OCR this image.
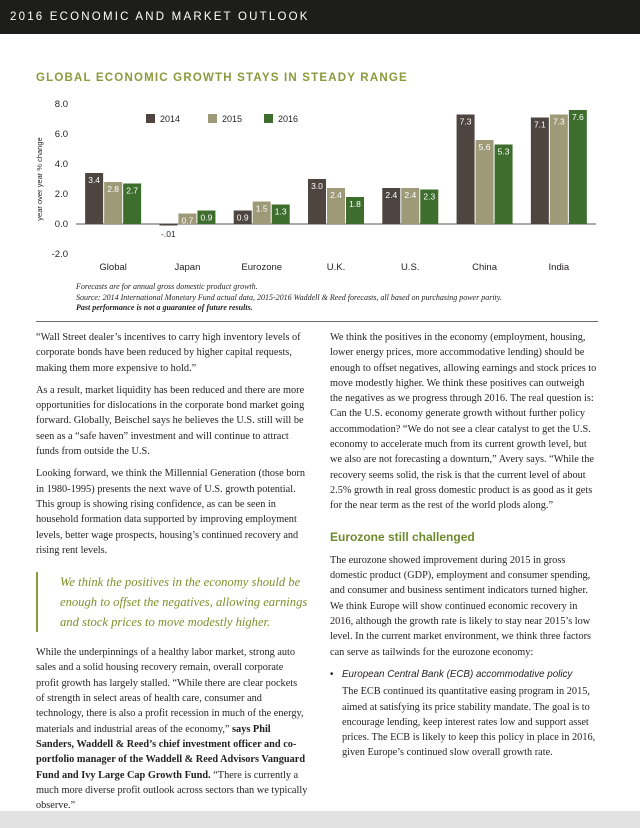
2016 ECONOMIC AND MARKET OUTLOOK
GLOBAL ECONOMIC GROWTH STAYS IN STEADY RANGE
year over year % change
8.0
6.0
4.0
2.0
0.0
-2.0
3.4
2.8 2.7
Global
-.01
0.7 0.9
Japan
0.9
1.5 1.3
Eurozone
3.0
2.4
1.8
U.K.
2.4 2.4 2.3
U.S.
7.3
5.6 5.3
China
7.1 7.3 7.6
India
2014	2015	2016
Forecasts are for annual gross domestic product growth.
Source: 2014 International Monetary Fund actual data, 2015-2016 Waddell & Reed forecasts, all based on purchasing power parity.
Past performance is not a guarantee of future results.

“Wall Street dealer’s incentives to carry high inventory levels of corporate bonds have been reduced by higher capital requests, making them more expensive to hold.”

As a result, market liquidity has been reduced and there are more opportunities for dislocations in the corporate bond market going forward. Globally, Beischel says he believes the U.S. still will be seen as a “safe haven” investment and will continue to attract funds from outside the U.S.

Looking forward, we think the Millennial Generation (those born in 1980-1995) presents the next wave of U.S. growth potential. This group is showing rising confidence, as can be seen in household formation data supported by improving employment levels, better wage prospects, housing’s continued recovery and rising rent levels.

We think the positives in the economy should be enough to offset the negatives, allowing earnings and stock prices to move modestly higher.

While the underpinnings of a healthy labor market, strong auto sales and a solid housing recovery remain, overall corporate profit growth has largely stalled. “While there are clear pockets of strength in select areas of health care, consumer and technology, there is also a profit recession in much of the energy, materials and industrial areas of the economy,” says Phil Sanders, Waddell & Reed’s chief investment officer and co-portfolio manager of the Waddell & Reed Advisors Vanguard Fund and Ivy Large Cap Growth Fund. “There is currently a much more diverse profit outlook across sectors than we typically observe.”

We think the positives in the economy (employment, housing, lower energy prices, more accommodative lending) should be enough to offset negatives, allowing earnings and stock prices to move modestly higher. We think these positives can outweigh the negatives as we progress through 2016. The real question is: Can the U.S. economy generate growth without further policy accommodation? “We do not see a clear catalyst to get the U.S. economy to accelerate much from its current growth level, but we also are not forecasting a downturn,” Avery says. “While the recovery seems solid, the risk is that the current level of about 2.5% growth in real gross domestic product is as good as it gets for the near term as the rest of the world plods along.”

Eurozone still challenged

The eurozone showed improvement during 2015 in gross domestic product (GDP), employment and consumer spending, and consumer and business sentiment indicators turned higher. We think Europe will show continued economic recovery in 2016, although the growth rate is likely to stay near 2015’s low level. In the current market environment, we think three factors can serve as tailwinds for the eurozone economy:

• European Central Bank (ECB) accommodative policy
The ECB continued its quantitative easing program in 2015, aimed at satisfying its price stability mandate. The goal is to encourage lending, keep interest rates low and support asset prices. The ECB is likely to keep this policy in place in 2016, given Europe’s continued slow overall growth rate.
